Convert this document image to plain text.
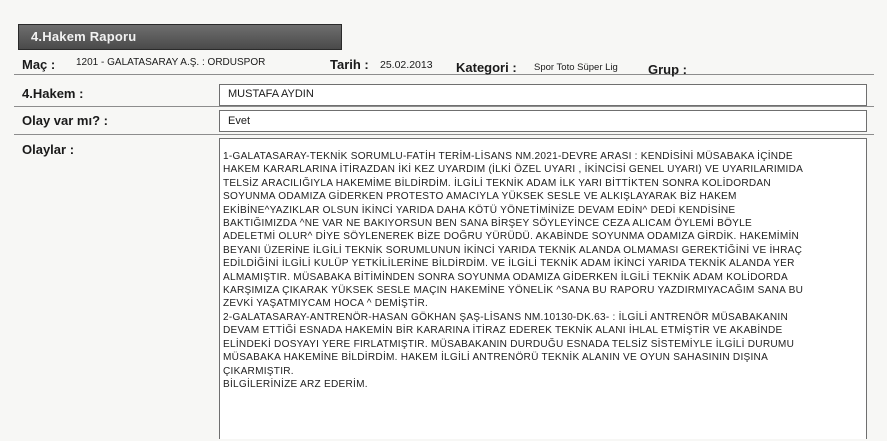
4.Hakem Raporu
Maç : 1201 - GALATASARAY A.Ş. : ORDUSPOR	Tarih : 25.02.2013 Kategori : Spor Toto Süper Lig Grup :
4.Hakem :	MUSTAFA AYDIN
Olay var mı? :	Evet
Olaylar :	1-GALATASARAY-TEKNİK SORUMLU-FATİH TERİM-LİSANS NM.2021-DEVRE ARASI : KENDİSİNİ MÜSABAKA İÇİNDE
HAKEM KARARLARINA İTİRAZDAN İKİ KEZ UYARDIM (İLKİ ÖZEL UYARI , İKİNCİSİ GENEL UYARI) VE UYARILARIMIDA
TELSİZ ARACILIĞIYLA HAKEMİME BİLDİRDİM. İLGİLİ TEKNİK ADAM İLK YARI BİTTİKTEN SONRA KOLİDORDAN
SOYUNMA ODAMIZA GİDERKEN PROTESTO AMACIYLA YÜKSEK SESLE VE ALKIŞLAYARAK BİZ HAKEM
EKİBİNE^YAZIKLAR OLSUN İKİNCİ YARIDA DAHA KÖTÜ YÖNETİMİNİZE DEVAM EDİN^ DEDİ KENDİSİNE
BAKTIĞIMIZDA ^NE VAR NE BAKIYORSUN BEN SANA BİRŞEY SÖYLEYİNCE CEZA ALICAM ÖYLEMİ BÖYLE
ADELETMİ OLUR^ DİYE SÖYLENEREK BİZE DOĞRU YÜRÜDÜ. AKABİNDE SOYUNMA ODAMIZA GİRDİK. HAKEMİMİN
BEYANI ÜZERİNE İLGİLİ TEKNİK SORUMLUNUN İKİNCİ YARIDA TEKNİK ALANDA OLMAMASI GEREKTİĞİNİ VE İHRAÇ
EDİLDİĞİNİ İLGİLİ KULÜP YETKİLİLERİNE BİLDİRDİM. VE İLGİLİ TEKNİK ADAM İKİNCİ YARIDA TEKNİK ALANDA YER
ALMAMIŞTIR. MÜSABAKA BİTİMİNDEN SONRA SOYUNMA ODAMIZA GİDERKEN İLGİLİ TEKNİK ADAM KOLİDORDA
KARŞIMIZA ÇIKARAK YÜKSEK SESLE MAÇIN HAKEMİNE YÖNELİK ^SANA BU RAPORU YAZDIRMIYACAĞIM SANA BU
ZEVKİ YAŞATMIYCAM HOCA ^ DEMİŞTİR.
2-GALATASARAY-ANTRENÖR-HASAN GÖKHAN ŞAŞ-LİSANS NM.10130-DK.63- : İLGİLİ ANTRENÖR MÜSABAKANIN
DEVAM ETTİĞİ ESNADA HAKEMİN BİR KARARINA İTİRAZ EDEREK TEKNİK ALANI İHLAL ETMİŞTİR VE AKABİNDE
ELİNDEKİ DOSYAYI YERE FIRLATMIŞTIR. MÜSABAKANIN DURDUĞU ESNADA TELSİZ SİSTEMİYLE İLGİLİ DURUMU
MÜSABAKA HAKEMİNE BİLDİRDİM. HAKEM İLGİLİ ANTRENÖRÜ TEKNİK ALANIN VE OYUN SAHASININ DIŞINA
ÇIKARMIŞTIR.
BİLGİLERİNİZE ARZ EDERİM.
